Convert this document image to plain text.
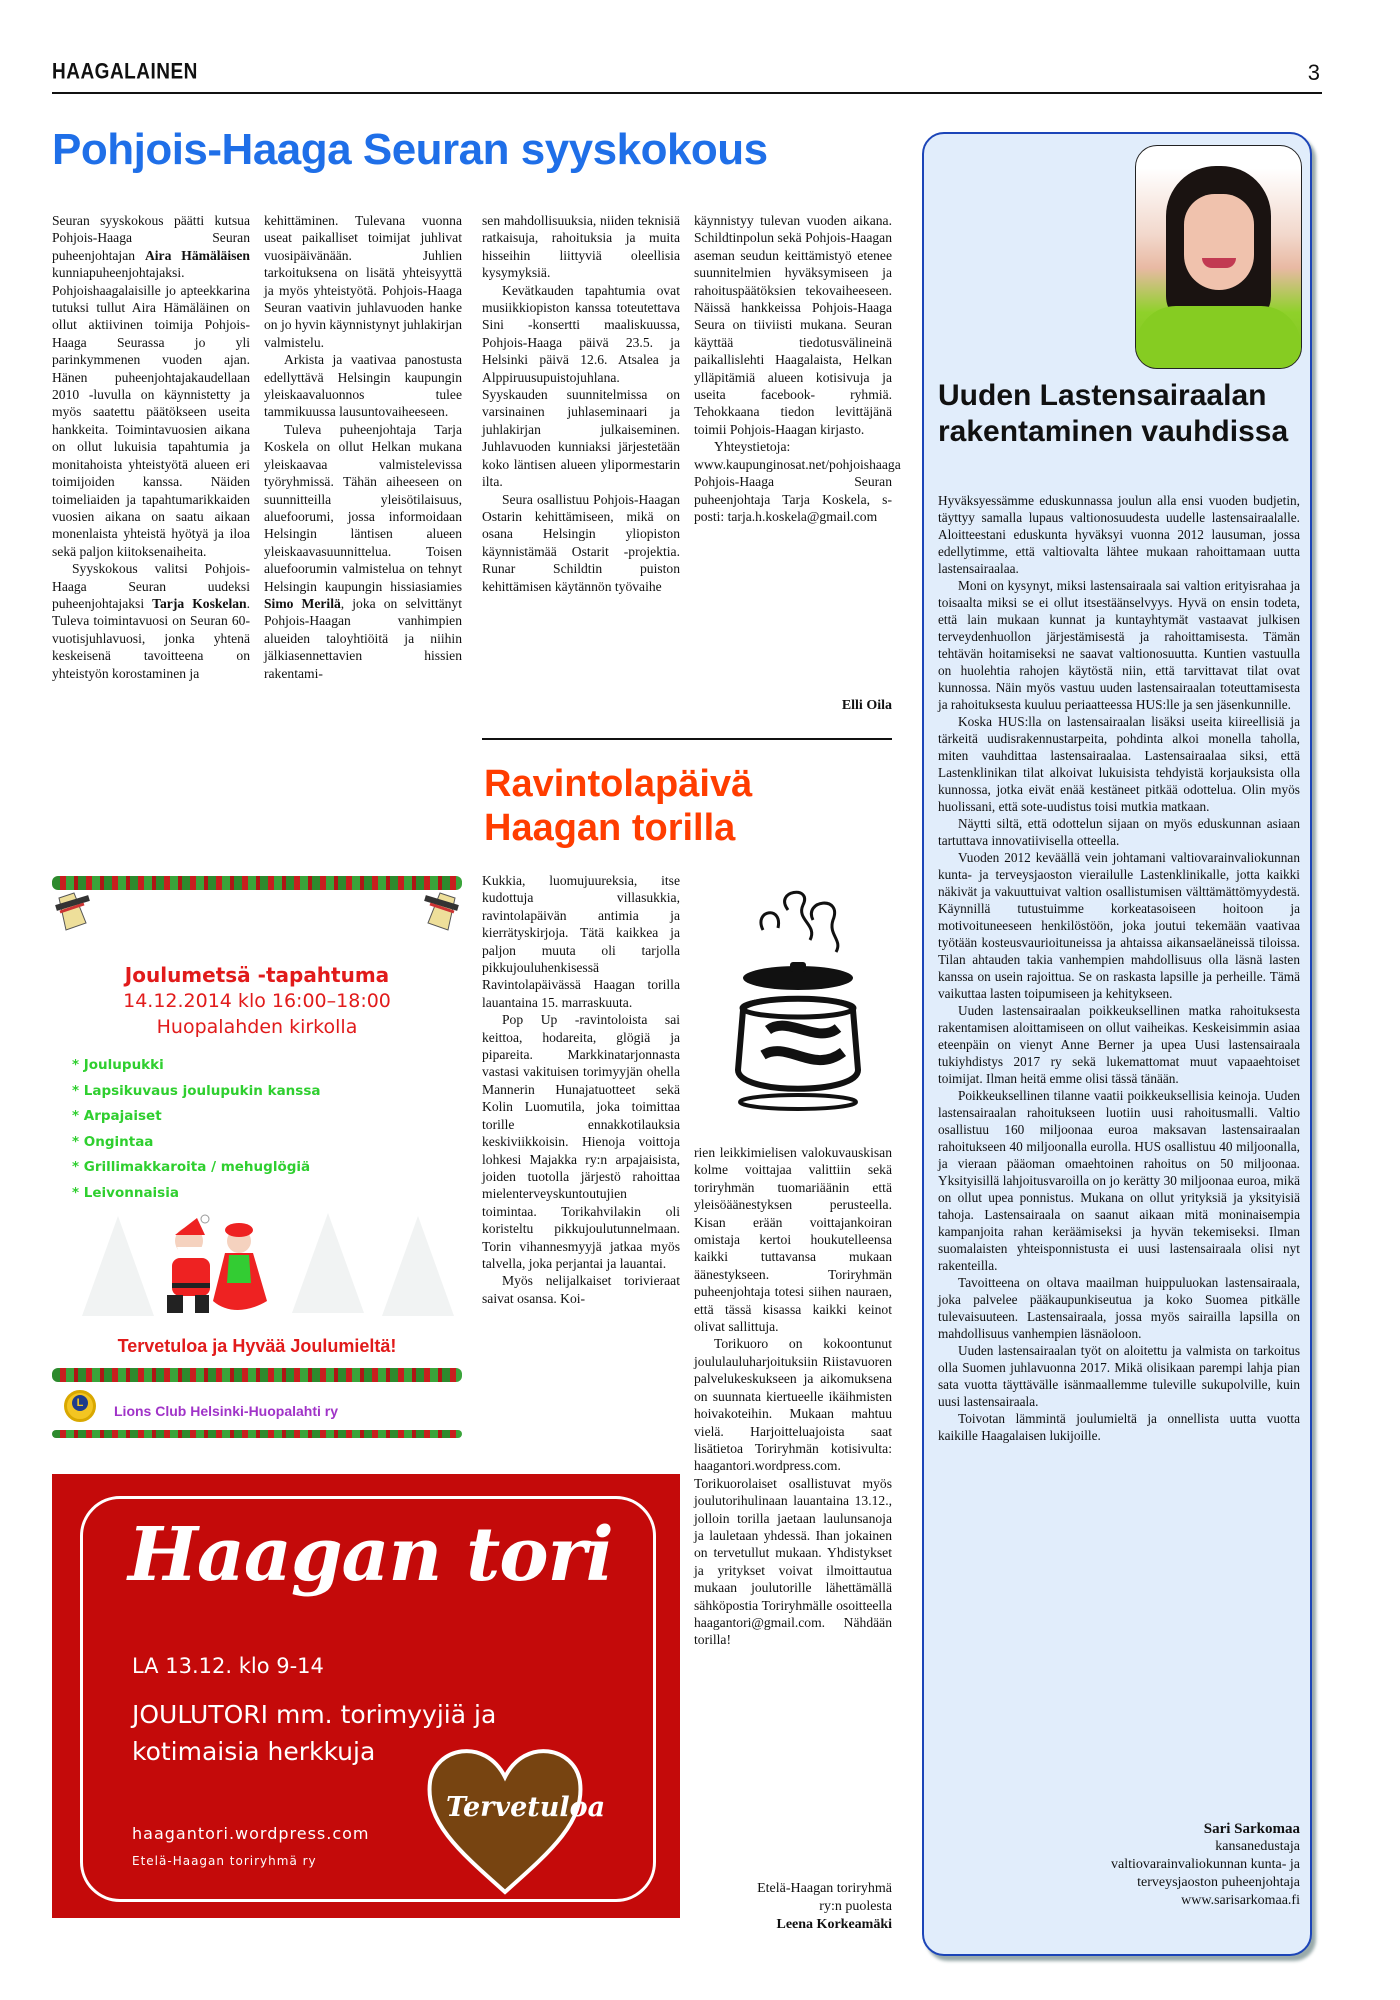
HAAGALAINEN	3
Pohjois-Haaga Seuran syyskokous

Seuran syyskokous päätti kutsua Pohjois-Haaga Seuran puheenjohtajan Aira Hämäläisen kunniapuheenjohtajaksi. Pohjoishaagalaisille jo apteekkarina tutuksi tullut Aira Hämäläinen on ollut aktiivinen toimija Pohjois-Haaga Seurassa jo yli parinkymmenen vuoden ajan. Hänen puheenjohtajakaudellaan 2010 -luvulla on käynnistetty ja myös saatettu päätökseen useita hankkeita. Toimintavuosien aikana on ollut lukuisia tapahtumia ja monitahoista yhteistyötä alueen eri toimijoiden kanssa. Näiden toimeliaiden ja tapahtumarikkaiden vuosien aikana on saatu aikaan monenlaista yhteistä hyötyä ja iloa sekä paljon kiitoksenaiheita.

Syyskokous valitsi Pohjois-Haaga Seuran uudeksi puheenjohtajaksi Tarja Koskelan. Tuleva toimintavuosi on Seuran 60-vuotisjuhlavuosi, jonka yhtenä keskeisenä tavoitteena on yhteistyön korostaminen ja

kehittäminen. Tulevana vuonna useat paikalliset toimijat juhlivat vuosipäivänään. Juhlien tarkoituksena on lisätä yhteisyyttä ja myös yhteistyötä. Pohjois-Haaga Seuran vaativin juhlavuoden hanke on jo hyvin käynnistynyt juhlakirjan valmistelu.

Arkista ja vaativaa panostusta edellyttävä Helsingin kaupungin yleiskaavaluonnos tulee tammikuussa lausuntovaiheeseen.

Tuleva puheenjohtaja Tarja Koskela on ollut Helkan mukana yleiskaavaa valmistelevissa työryhmissä. Tähän aiheeseen on suunnitteilla yleisötilaisuus, aluefoorumi, jossa informoidaan Helsingin läntisen alueen yleiskaavasuunnittelua. Toisen aluefoorumin valmistelua on tehnyt Helsingin kaupungin hissiasiamies Simo Merilä, joka on selvittänyt Pohjois-Haagan vanhimpien alueiden taloyhtiöitä ja niihin jälkiasennettavien hissien rakentami-

sen mahdollisuuksia, niiden teknisiä ratkaisuja, rahoituksia ja muita hisseihin liittyviä oleellisia kysymyksiä.

Kevätkauden tapahtumia ovat musiikkiopiston kanssa toteutettava Sini -konsertti maaliskuussa, Pohjois-Haaga päivä 23.5. ja Helsinki päivä 12.6. Atsalea ja Alppiruusupuistojuhlana. Syyskauden suunnitelmissa on varsinainen juhlaseminaari ja juhlakirjan julkaiseminen. Juhlavuoden kunniaksi järjestetään koko läntisen alueen ylipormestarin ilta.

Seura osallistuu Pohjois-Haagan Ostarin kehittämiseen, mikä on osana Helsingin yliopiston käynnistämää Ostarit -projektia. Runar Schildtin puiston kehittämisen käytännön työvaihe

käynnistyy tulevan vuoden aikana. Schildtinpolun sekä Pohjois-Haagan aseman seudun keittämistyö etenee suunnitelmien hyväksymiseen ja rahoituspäätöksien tekovaiheeseen. Näissä hankkeissa Pohjois-Haaga Seura on tiiviisti mukana. Seuran käyttää tiedotusvälineinä paikallislehti Haagalaista, Helkan ylläpitämiä alueen kotisivuja ja useita facebook- ryhmiä. Tehokkaana tiedon levittäjänä toimii Pohjois-Haagan kirjasto.

Yhteystietoja: www.kaupunginosat.net/pohjoishaaga Pohjois-Haaga Seuran puheenjohtaja Tarja Koskela, s-posti: tarja.h.koskela@gmail.com

Elli Oila
Ravintolapäivä
Haagan torilla

Kukkia, luomujuureksia, itse kudottuja villasukkia, ravintolapäivän antimia ja kierrätyskirjoja. Tätä kaikkea ja paljon muuta oli tarjolla pikkujouluhenkisessä Ravintolapäivässä Haagan torilla lauantaina 15. marraskuuta.

Pop Up -ravintoloista sai keittoa, hodareita, glögiä ja pipareita. Markkinatarjonnasta vastasi vakituisen torimyyjän ohella Mannerin Hunajatuotteet sekä Kolin Luomutila, joka toimittaa torille ennakkotilauksia keskiviikkoisin. Hienoja voittoja lohkesi Majakka ry:n arpajaisista, joiden tuotolla järjestö rahoittaa mielenterveyskuntoutujien toimintaa. Torikahvilakin oli koristeltu pikkujoulutunnelmaan. Torin vihannesmyyjä jatkaa myös talvella, joka perjantai ja lauantai.

Myös nelijalkaiset torivieraat saivat osansa. Koi-

rien leikkimielisen valokuvauskisan kolme voittajaa valittiin sekä toriryhmän tuomariäänin että yleisöäänestyksen perusteella. Kisan erään voittajankoiran omistaja kertoi houkutelleensa kaikki tuttavansa mukaan äänestykseen. Toriryhmän puheenjohtaja totesi siihen nauraen, että tässä kisassa kaikki keinot olivat sallittuja.

Torikuoro on kokoontunut joululauluharjoituksiin Riistavuoren palvelukeskukseen ja aikomuksena on suunnata kiertueelle ikäihmisten hoivakoteihin. Mukaan mahtuu vielä. Harjoitteluajoista saat lisätietoa Toriryhmän kotisivulta: haagantori.wordpress.com. Torikuorolaiset osallistuvat myös joulutorihulinaan lauantaina 13.12., jolloin torilla jaetaan laulunsanoja ja lauletaan yhdessä. Ihan jokainen on tervetullut mukaan. Yhdistykset ja yritykset voivat ilmoittautua mukaan joulutorille lähettämällä sähköpostia Toriryhmälle osoitteella haagantori@gmail.com. Nähdään torilla!

Etelä-Haagan toriryhmä
ry:n puolesta
Leena Korkeamäki
Uuden Lastensairaalan rakentaminen vauhdissa

Hyväksyessämme eduskunnassa joulun alla ensi vuoden budjetin, täyttyy samalla lupaus valtionosuudesta uudelle lastensairaalalle. Aloitteestani eduskunta hyväksyi vuonna 2012 lausuman, jossa edellytimme, että valtiovalta lähtee mukaan rahoittamaan uutta lastensairaalaa.

Moni on kysynyt, miksi lastensairaala sai valtion erityisrahaa ja toisaalta miksi se ei ollut itsestäänselvyys. Hyvä on ensin todeta, että lain mukaan kunnat ja kuntayhtymät vastaavat julkisen terveydenhuollon järjestämisestä ja rahoittamisesta. Tämän tehtävän hoitamiseksi ne saavat valtionosuutta. Kuntien vastuulla on huolehtia rahojen käytöstä niin, että tarvittavat tilat ovat kunnossa. Näin myös vastuu uuden lastensairaalan toteuttamisesta ja rahoituksesta kuuluu periaatteessa HUS:lle ja sen jäsenkunnille.

Koska HUS:lla on lastensairaalan lisäksi useita kiireellisiä ja tärkeitä uudisrakennustarpeita, pohdinta alkoi monella taholla, miten vauhdittaa lastensairaalaa. Lastensairaalaa siksi, että Lastenklinikan tilat alkoivat lukuisista tehdyistä korjauksista olla kunnossa, jotka eivät enää kestäneet pitkää odottelua. Olin myös huolissani, että sote-uudistus toisi mutkia matkaan.

Näytti siltä, että odottelun sijaan on myös eduskunnan asiaan tartuttava innovatiivisella otteella.

Vuoden 2012 keväällä vein johtamani valtiovarainvaliokunnan kunta- ja terveysjaoston vierailulle Lastenklinikalle, jotta kaikki näkivät ja vakuuttuivat valtion osallistumisen välttämättömyydestä. Käynnillä tutustuimme korkeatasoiseen hoitoon ja motivoituneeseen henkilöstöön, joka joutui tekemään vaativaa työtään kosteusvaurioituneissa ja ahtaissa aikansaeläneissä tiloissa. Tilan ahtauden takia vanhempien mahdollisuus olla läsnä lasten kanssa on usein rajoittua. Se on raskasta lapsille ja perheille. Tämä vaikuttaa lasten toipumiseen ja kehitykseen.

Uuden lastensairaalan poikkeuksellinen matka rahoituksesta rakentamisen aloittamiseen on ollut vaiheikas. Keskeisimmin asiaa eteenpäin on vienyt Anne Berner ja upea Uusi lastensairaala tukiyhdistys 2017 ry sekä lukemattomat muut vapaaehtoiset toimijat. Ilman heitä emme olisi tässä tänään.

Poikkeuksellinen tilanne vaatii poikkeuksellisia keinoja. Uuden lastensairaalan rahoitukseen luotiin uusi rahoitusmalli. Valtio osallistuu 160 miljoonaa euroa maksavan lastensairaalan rahoitukseen 40 miljoonalla eurolla. HUS osallistuu 40 miljoonalla, ja vieraan pääoman omaehtoinen rahoitus on 50 miljoonaa. Yksityisillä lahjoitusvaroilla on jo kerätty 30 miljoonaa euroa, mikä on ollut upea ponnistus. Mukana on ollut yrityksiä ja yksityisiä tahoja. Lastensairaala on saanut aikaan mitä moninaisempia kampanjoita rahan keräämiseksi ja hyvän tekemiseksi. Ilman suomalaisten yhteisponnistusta ei uusi lastensairaala olisi nyt rakenteilla.

Tavoitteena on oltava maailman huippuluokan lastensairaala, joka palvelee pääkaupunkiseutua ja koko Suomea pitkälle tulevaisuuteen. Lastensairaala, jossa myös sairailla lapsilla on mahdollisuus vanhempien läsnäoloon.

Uuden lastensairaalan työt on aloitettu ja valmista on tarkoitus olla Suomen juhlavuonna 2017. Mikä olisikaan parempi lahja pian sata vuotta täyttävälle isänmaallemme tuleville sukupolville, kuin uusi lastensairaala.

Toivotan lämmintä joulumieltä ja onnellista uutta vuotta kaikille Haagalaisen lukijoille.

Sari Sarkomaa
kansanedustaja
valtiovarainvaliokunnan kunta- ja
terveysjaoston puheenjohtaja
www.sarisarkomaa.fi
Joulumetsä -tapahtuma
14.12.2014 klo 16:00–18:00
Huopalahden kirkolla
* Joulupukki
* Lapsikuvaus joulupukin kanssa
* Arpajaiset
* Ongintaa
* Grillimakkaroita / mehuglögiä
* Leivonnaisia
Tervetuloa ja Hyvää Joulumieltä!
L
Lions Club Helsinki-Huopalahti ry
Haagan tori
LA 13.12. klo 9-14
JOULUTORI mm. torimyyjiä ja kotimaisia herkkuja
Tervetuloa
haagantori.wordpress.com
Etelä-Haagan toriryhmä ry
